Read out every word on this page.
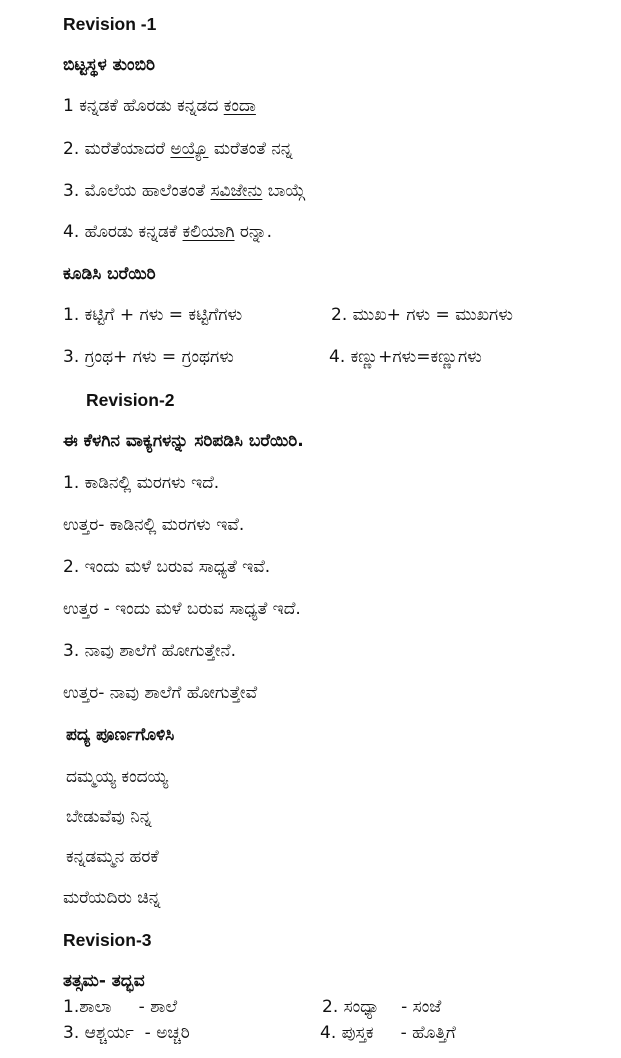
Revision -1
ಬಿಟ್ಟಸ್ಥಳ ತುಂಬಿರಿ
1 ಕನ್ನಡಕೆ ಹೊರಡು ಕನ್ನಡದ ಕಂದಾ
2. ಮರೆತೆಯಾದರೆ ಅಯ್ಯೊ ಮರೆತಂತೆ ನನ್ನ
3. ಮೊಲೆಯ ಹಾಲೆಂತಂತೆ ಸವಿಜೇನು ಬಾಯ್ಗೆ
4. ಹೊರಡು ಕನ್ನಡಕೆ ಕಲಿಯಾಗಿ ರನ್ನಾ.
ಕೂಡಿಸಿ ಬರೆಯಿರಿ
1. ಕಟ್ಟಿಗೆ + ಗಳು = ಕಟ್ಟಿಗೆಗಳು	2. ಮುಖ+ ಗಳು = ಮುಖಗಳು
3. ಗ್ರಂಥ+ ಗಳು = ಗ್ರಂಥಗಳು	4. ಕಣ್ಣು+ಗಳು=ಕಣ್ಣುಗಳು
Revision-2
ಈ ಕೆಳಗಿನ ವಾಕ್ಯಗಳನ್ನು ಸರಿಪಡಿಸಿ ಬರೆಯಿರಿ.
1. ಕಾಡಿನಲ್ಲಿ ಮರಗಳು ಇದೆ.
ಉತ್ತರ- ಕಾಡಿನಲ್ಲಿ ಮರಗಳು ಇವೆ.
2. ಇಂದು ಮಳೆ ಬರುವ ಸಾಧ್ಯತೆ ಇವೆ.
ಉತ್ತರ - ಇಂದು ಮಳೆ ಬರುವ ಸಾಧ್ಯತೆ ಇದೆ.
3. ನಾವು ಶಾಲೆಗೆ ಹೋಗುತ್ತೇನೆ.
ಉತ್ತರ- ನಾವು ಶಾಲೆಗೆ ಹೋಗುತ್ತೇವೆ
ಪದ್ಯ ಪೂರ್ಣಗೊಳಿಸಿ
ದಮ್ಮಯ್ಯ ಕಂದಯ್ಯ
ಬೇಡುವೆವು ನಿನ್ನ
ಕನ್ನಡಮ್ಮನ ಹರಕೆ
ಮರೆಯದಿರು ಚಿನ್ನ
Revision-3
ತತ್ಸಮ- ತದ್ಭವ
1.ಶಾಲಾ     - ಶಾಲೆ	2. ಸಂಧ್ಯಾ    - ಸಂಜೆ
3. ಆಶ್ಚರ್ಯ  - ಅಚ್ಚರಿ	4. ಪುಸ್ತಕ     - ಹೊತ್ತಿಗೆ
